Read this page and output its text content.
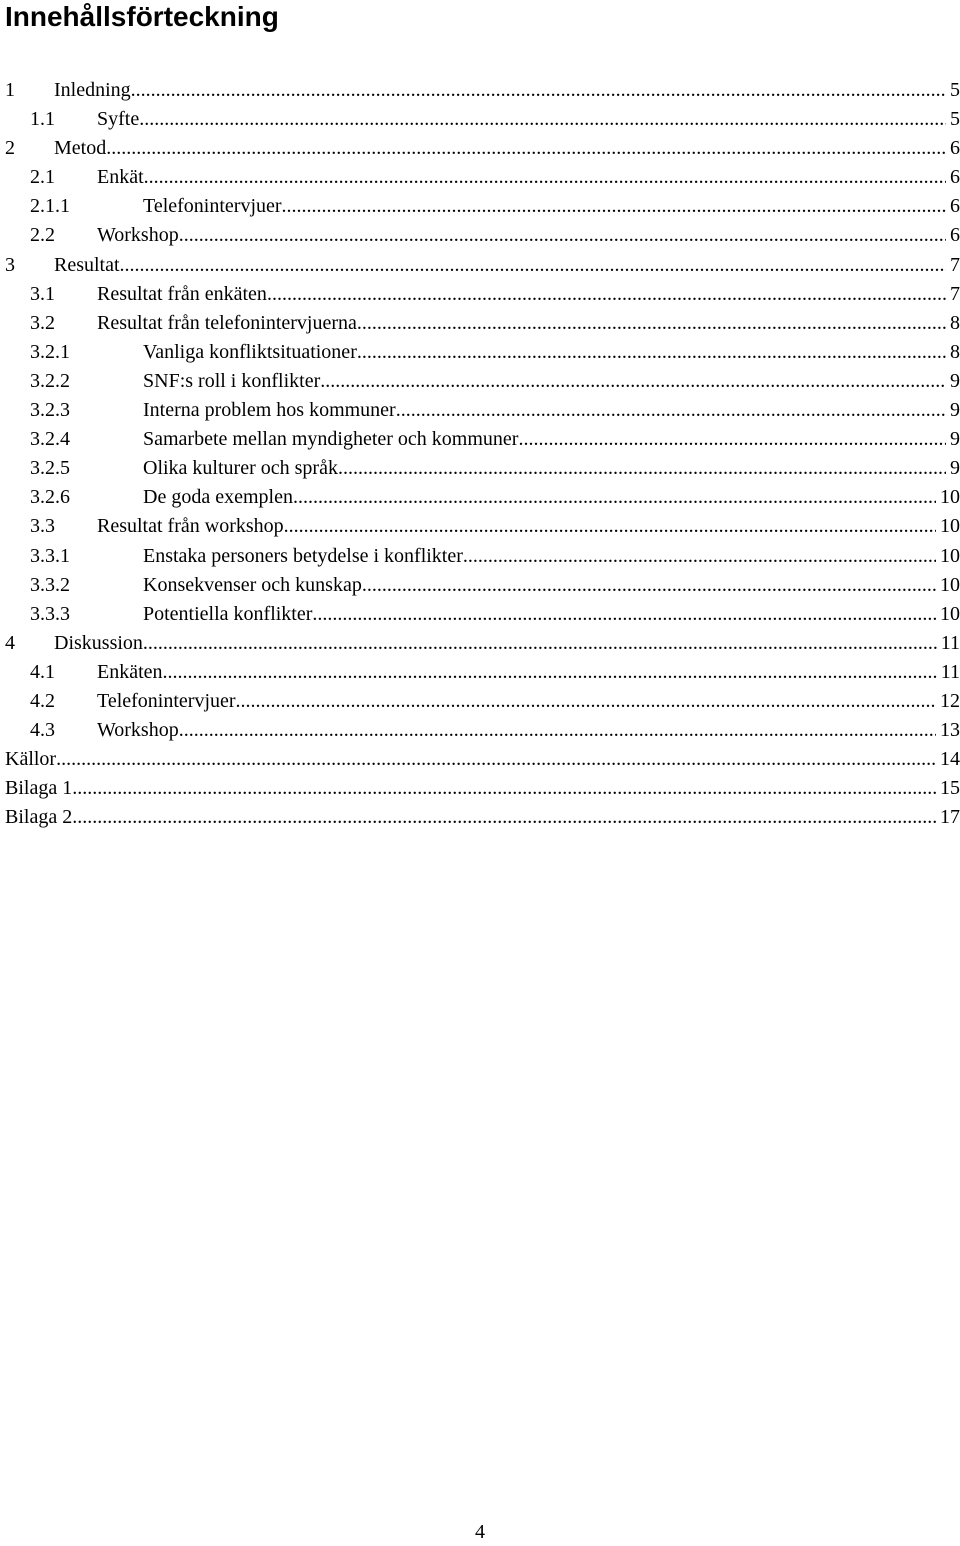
Innehållsförteckning
1	Inledning .....	5
1.1	Syfte .....	5
2	Metod .....	6
2.1	Enkät .....	6
2.1.1	Telefonintervjuer .....	6
2.2	Workshop .....	6
3	Resultat .....	7
3.1	Resultat från enkäten .....	7
3.2	Resultat från telefonintervjuerna .....	8
3.2.1	Vanliga konfliktsituationer .....	8
3.2.2	SNF:s roll i konflikter .....	9
3.2.3	Interna problem hos kommuner .....	9
3.2.4	Samarbete mellan myndigheter och kommuner .....	9
3.2.5	Olika kulturer och språk .....	9
3.2.6	De goda exemplen .....	10
3.3	Resultat från workshop .....	10
3.3.1	Enstaka personers betydelse i konflikter .....	10
3.3.2	Konsekvenser och kunskap .....	10
3.3.3	Potentiella konflikter .....	10
4	Diskussion .....	11
4.1	Enkäten .....	11
4.2	Telefonintervjuer .....	12
4.3	Workshop .....	13
Källor .....	14
Bilaga 1. .....	15
Bilaga 2. .....	17
4
